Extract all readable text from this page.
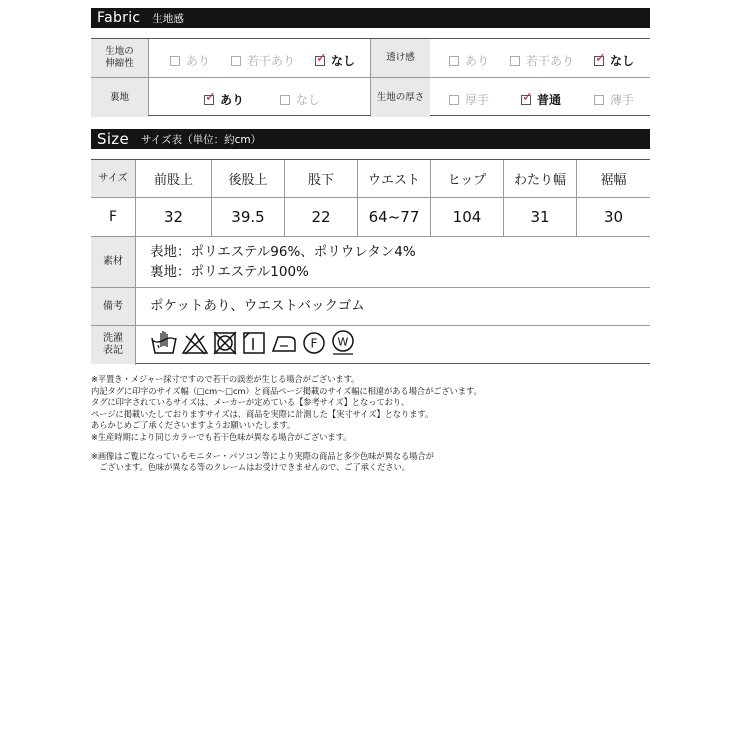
Fabric 生地感
生地の
伸縮性	あり	若干あり ✓ なし	透け感	あり	若干あり ✓ なし
裏地	✓ あり	なし	生地の厚さ	厚手	✓ 普通	薄手
Size サイズ表（単位：約cm）
サイズ	前股上	後股上	股下	ウエスト	ヒップ	わたり幅	裾幅
F	32	39.5	22	64~77	104	31	30
素材
表地：ポリエステル96%、ポリウレタン4%
裏地：ポリエステル100%
備考 ポケットあり、ウエストバックゴム
洗濯
表記	F W

※平置き・メジャー採寸ですので若干の誤差が生じる場合がございます。

内記タグに印字のサイズ幅（□cm〜□cm）と商品ページ掲載のサイズ幅に相違がある場合がございます。

タグに印字されているサイズは、メーカーが定めている【参考サイズ】となっており、

ページに掲載いたしておりますサイズは、商品を実際に計測した【実寸サイズ】となります。

あらかじめご了承くださいますようお願いいたします。

※生産時期により同じカラーでも若干色味が異なる場合がございます。

※画像はご覧になっているモニター・パソコン等により実際の商品と多少色味が異なる場合が

　ございます。色味が異なる等のクレームはお受けできませんので、ご了承ください。
